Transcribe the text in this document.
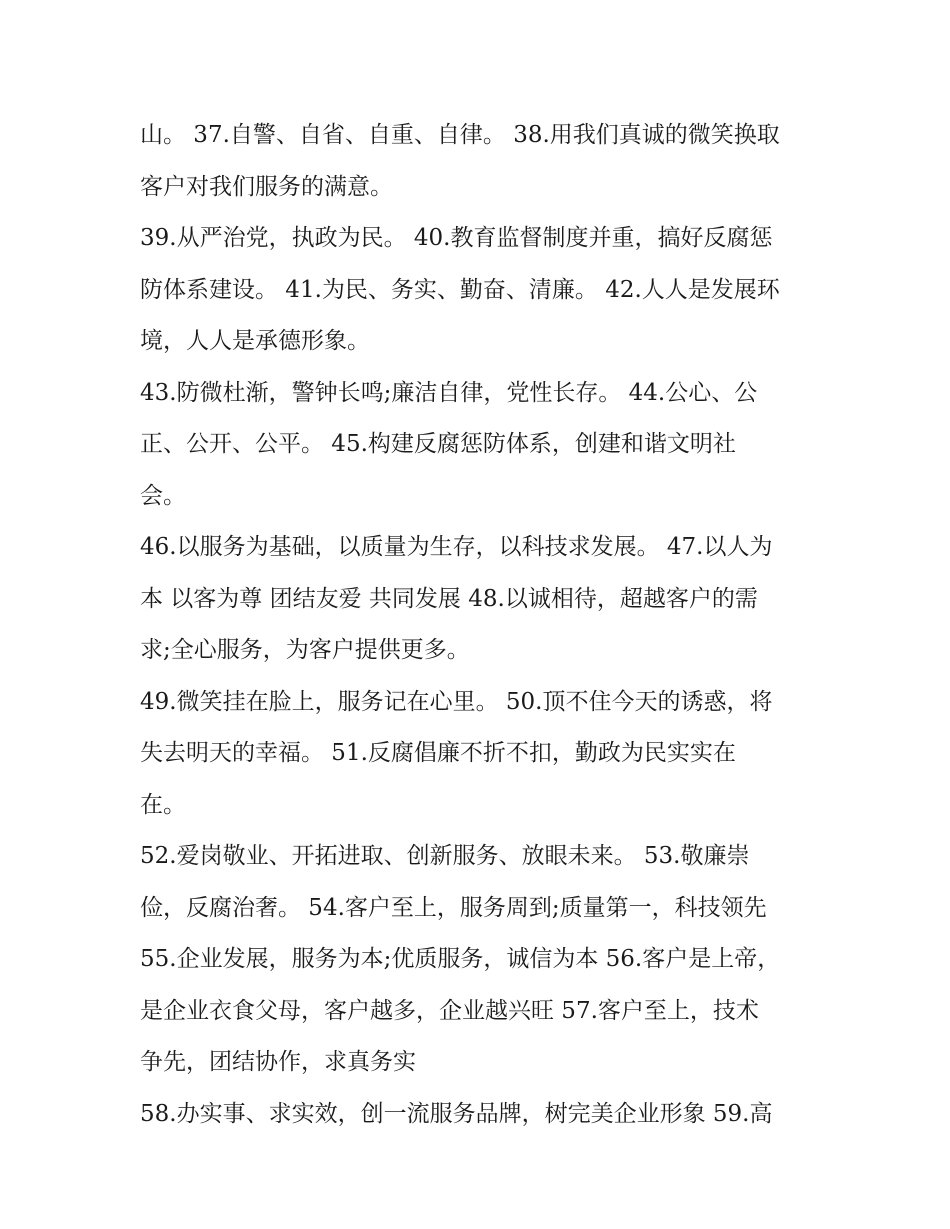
山。 37.自警、自省、自重、自律。 38.用我们真诚的微笑换取
客户对我们服务的满意。
39.从严治党，执政为民。 40.教育监督制度并重，搞好反腐惩
防体系建设。 41.为民、务实、勤奋、清廉。 42.人人是发展环
境，人人是承德形象。
43.防微杜渐，警钟长鸣;廉洁自律，党性长存。 44.公心、公
正、公开、公平。 45.构建反腐惩防体系，创建和谐文明社
会。
46.以服务为基础，以质量为生存，以科技求发展。 47.以人为
本 以客为尊 团结友爱 共同发展 48.以诚相待，超越客户的需
求;全心服务，为客户提供更多。
49.微笑挂在脸上，服务记在心里。 50.顶不住今天的诱惑，将
失去明天的幸福。 51.反腐倡廉不折不扣，勤政为民实实在
在。
52.爱岗敬业、开拓进取、创新服务、放眼未来。 53.敬廉崇
俭，反腐治奢。 54.客户至上，服务周到;质量第一，科技领先
55.企业发展，服务为本;优质服务，诚信为本 56.客户是上帝，
是企业衣食父母，客户越多，企业越兴旺 57.客户至上，技术
争先，团结协作，求真务实
58.办实事、求实效，创一流服务品牌，树完美企业形象 59.高
